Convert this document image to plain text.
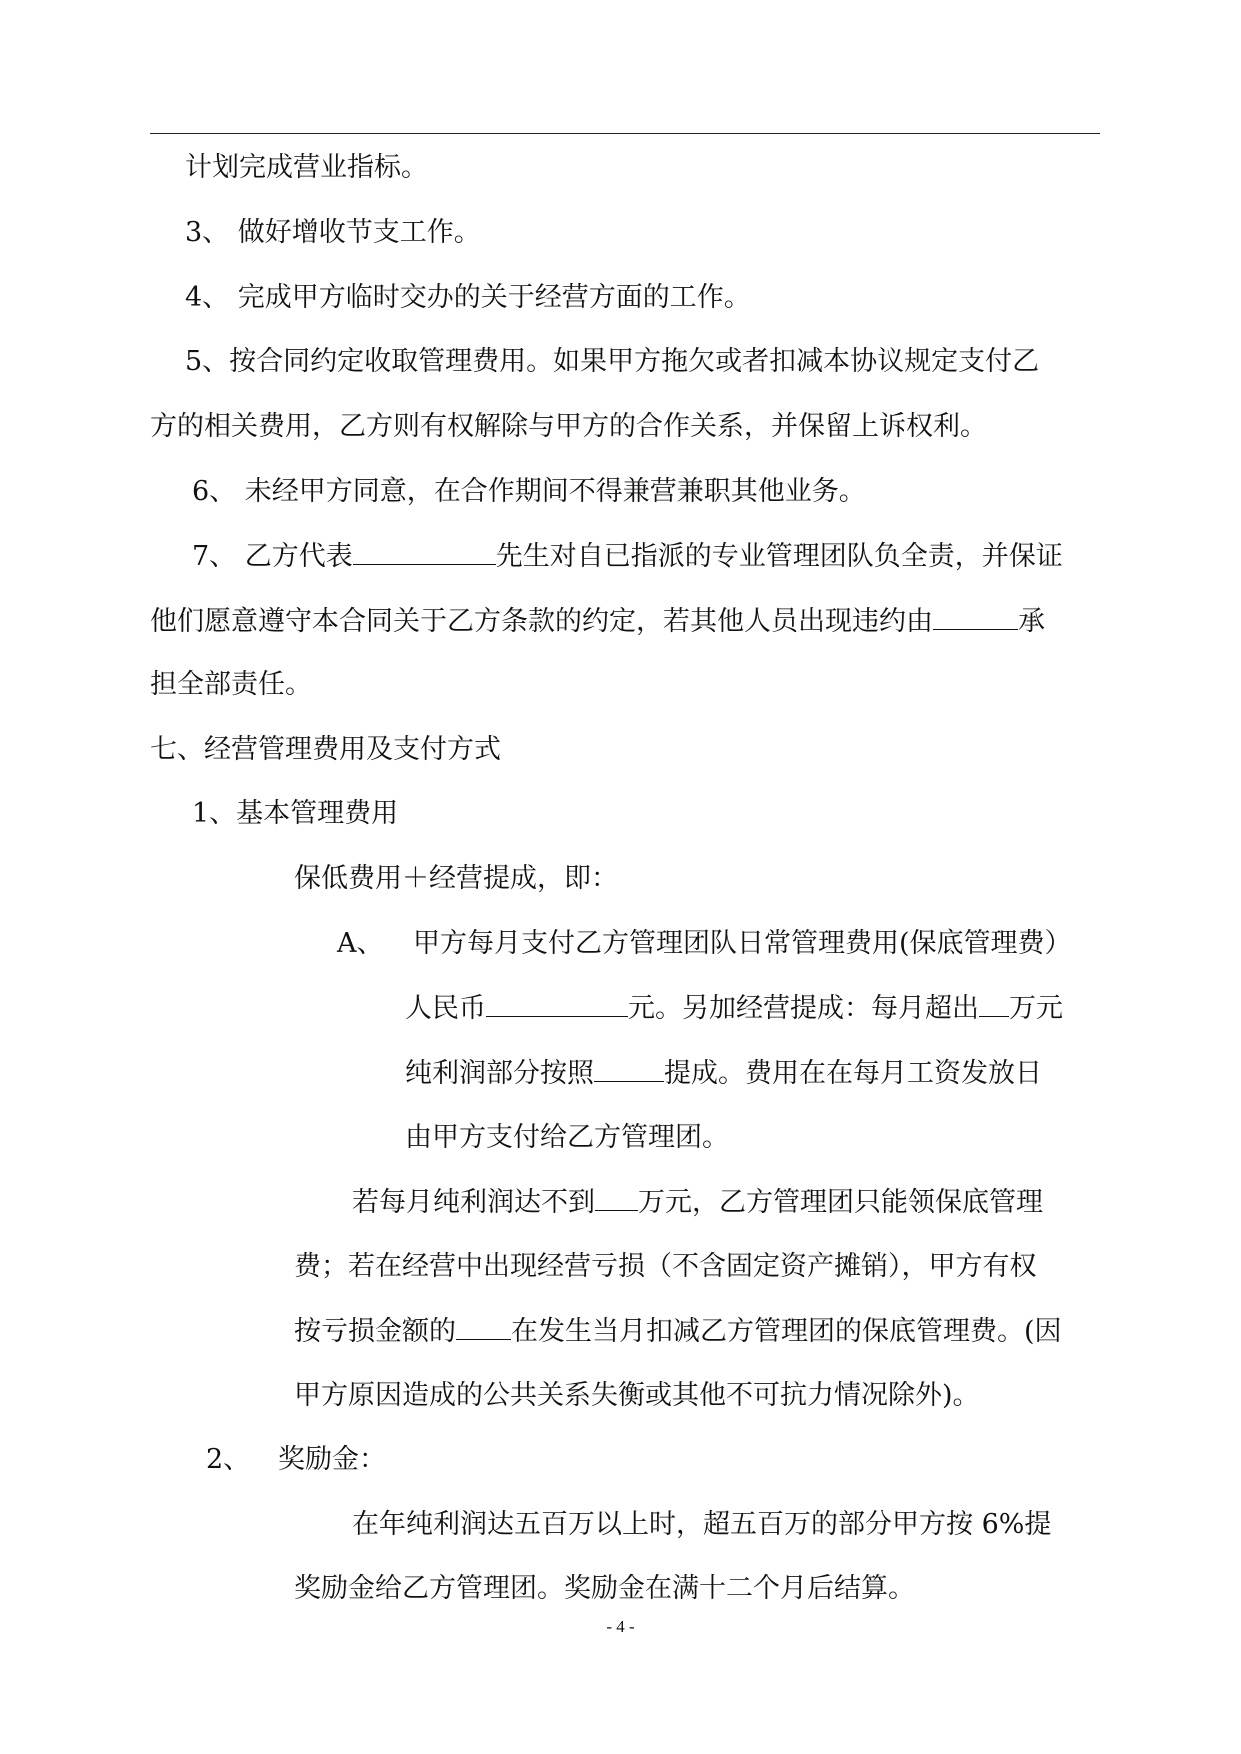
计划完成营业指标。
3、 做好增收节支工作。
4、 完成甲方临时交办的关于经营方面的工作。
5、按合同约定收取管理费用。如果甲方拖欠或者扣减本协议规定支付乙
方的相关费用，乙方则有权解除与甲方的合作关系，并保留上诉权利。
6、 未经甲方同意，在合作期间不得兼营兼职其他业务。
7、 乙方代表	先生对自已指派的专业管理团队负全责，并保证
他们愿意遵守本合同关于乙方条款的约定，若其他人员出现违约由	承
担全部责任。
七、经营管理费用及支付方式
1、基本管理费用
保低费用＋经营提成，即：
A、 甲方每月支付乙方管理团队日常管理费用(保底管理费）
人民币	元。另加经营提成：每月超出 万元
纯利润部分按照	提成。费用在在每月工资发放日
由甲方支付给乙方管理团。
若每月纯利润达不到 万元，乙方管理团只能领保底管理
费；若在经营中出现经营亏损（不含固定资产摊销），甲方有权
按亏损金额的 在发生当月扣减乙方管理团的保底管理费。(因
甲方原因造成的公共关系失衡或其他不可抗力情况除外)。
2、 奖励金：
在年纯利润达五百万以上时，超五百万的部分甲方按 6%提
奖励金给乙方管理团。奖励金在满十二个月后结算。
- 4 -
